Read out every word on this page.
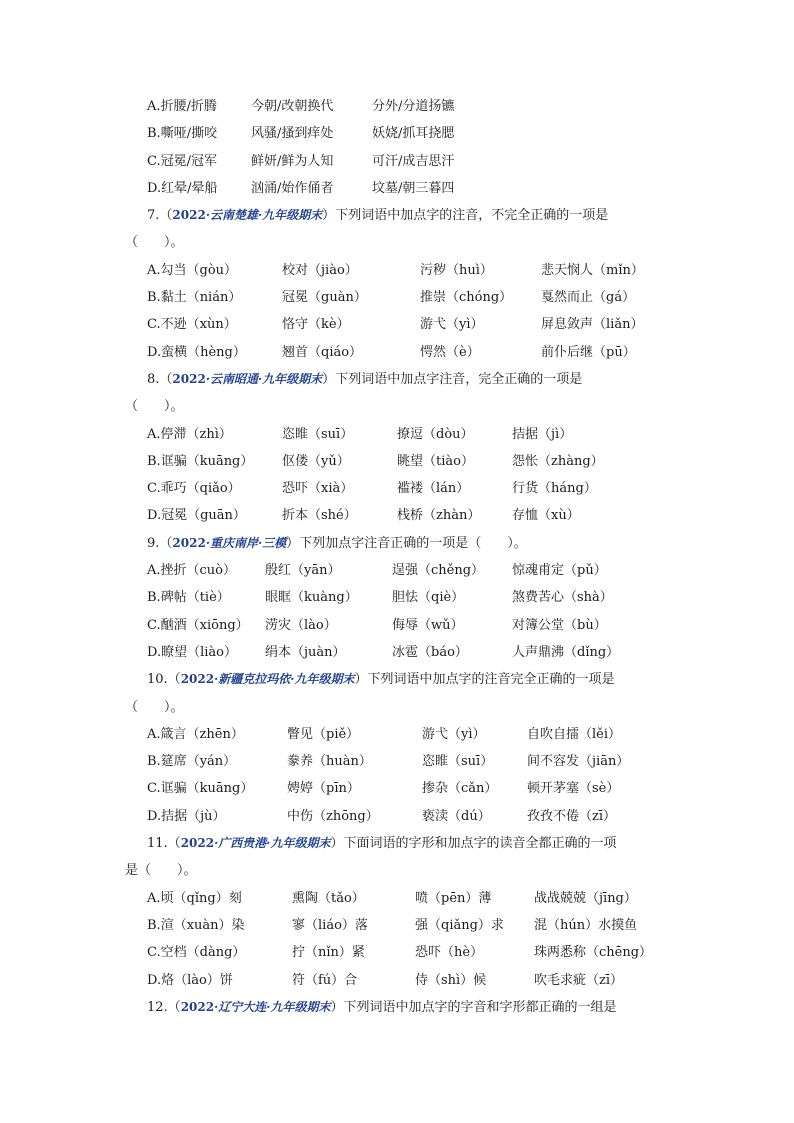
A.折腰/折腾	今朝/改朝换代	分外/分道扬镳
B.嘶哑/撕咬	风骚/搔到痒处	妖娆/抓耳挠腮
C.冠冕/冠军	鲜妍/鲜为人知	可汗/成吉思汗
D.红晕/晕船	汹涌/始作俑者	坟墓/朝三暮四
7.（2022·云南楚雄·九年级期末）下列词语中加点字的注音，不完全正确的一项是
（　　）。
A.勾当（gòu）	校对（jiào）	污秽（huì）	悲天悯人（mǐn）
B.黏土（nián）	冠冕（guàn）	推崇（chóng） 戛然而止（gá）
C.不逊（xùn）	恪守（kè）	游弋（yì）	屏息敛声（liǎn）
D.蛮横（hèng）	翘首（qiáo）	愕然（è）	前仆后继（pū）
8.（2022·云南昭通·九年级期末）下列词语中加点字注音，完全正确的一项是
（　　）。
A.停滞（zhì）	恣睢（suī）	撩逗（dòu）	拮据（jì）
B.诓骗（kuāng） 伛偻（yǔ）	眺望（tiào）	怨怅（zhàng）
C.乖巧（qiǎo）	恐吓（xià）	褴褛（lán）	行货（háng）
D.冠冕（guān）	折本（shé）	栈桥（zhàn） 存恤（xù）
9.（2022·重庆南岸·三模）下列加点字注音正确的一项是（　　）。
A.挫折（cuò） 殷红（yān）	逞强（chěng） 惊魂甫定（pǔ）
B.碑帖（tiè）	眼眶（kuàng）	胆怯（qiè）	煞费苦心（shà）
C.酗酒（xiōng） 涝灾（lào）	侮辱（wǔ）	对簿公堂（bù）
D.瞭望（liào） 绢本（juàn）	冰雹（báo）	人声鼎沸（dǐng）
10.（2022·新疆克拉玛依·九年级期末）下列词语中加点字的注音完全正确的一项是
（　　）。
A.箴言（zhēn）	瞥见（piě）	游弋（yì）	自吹自擂（lěi）
B.筵席（yán）	豢养（huàn）	恣睢（suī）	间不容发（jiān）
C.诓骗（kuāng）	娉婷（pīn）	掺杂（cǎn） 顿开茅塞（sè）
D.拮据（jù）	中伤（zhōng）	亵渎（dú）	孜孜不倦（zī）
11.（2022·广西贵港·九年级期末）下面词语的字形和加点字的读音全都正确的一项
是（　　）。
A.顷（qǐng）刻	熏陶（tǎo）	喷（pēn）薄	战战兢兢（jīng）
B.渲（xuàn）染	寥（liáo）落	强（qiǎng）求 混（hún）水摸鱼
C.空档（dàng）	拧（nǐn）紧	恐吓（hè）	珠两悉称（chēng）
D.烙（lào）饼	符（fú）合	侍（shì）候	吹毛求疵（zī）
12.（2022·辽宁大连·九年级期末）下列词语中加点字的字音和字形都正确的一组是
